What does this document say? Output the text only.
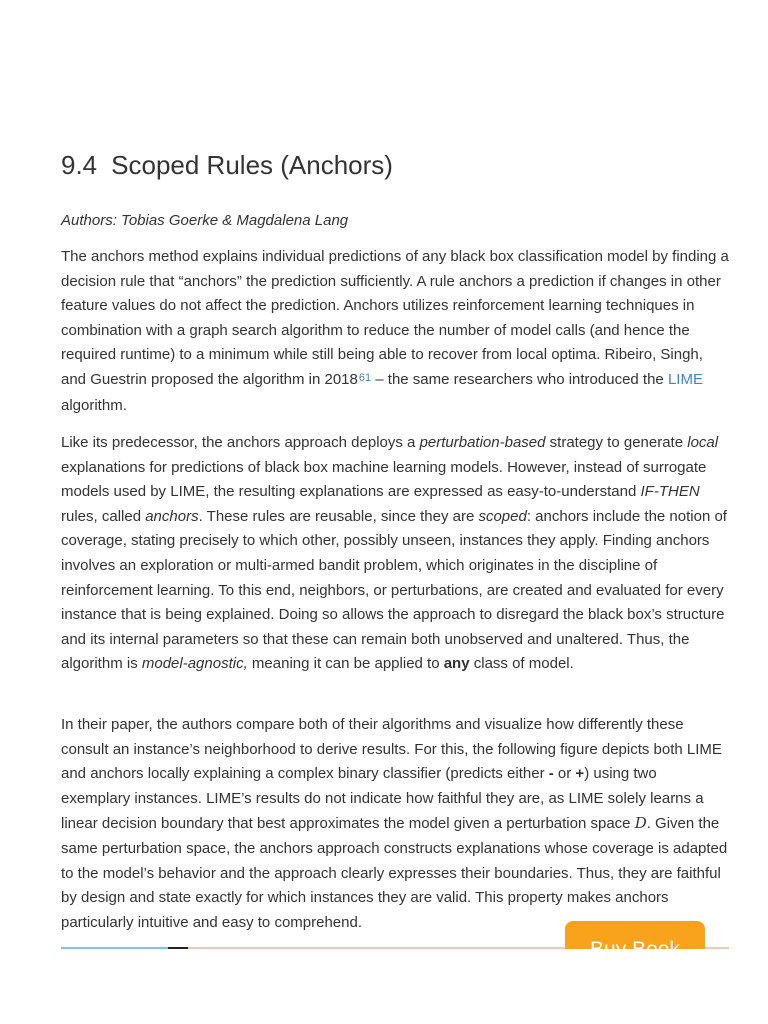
9.4 Scoped Rules (Anchors)

Authors: Tobias Goerke & Magdalena Lang

The anchors method explains individual predictions of any black box classification model by finding a decision rule that “anchors” the prediction sufficiently. A rule anchors a prediction if changes in other feature values do not affect the prediction. Anchors utilizes reinforcement learning techniques in combination with a graph search algorithm to reduce the number of model calls (and hence the required runtime) to a minimum while still being able to recover from local optima. Ribeiro, Singh, and Guestrin proposed the algorithm in 2018$^{61}$ – the same researchers who introduced the LIME algorithm.

Like its predecessor, the anchors approach deploys a perturbation-based strategy to generate local explanations for predictions of black box machine learning models. However, instead of surrogate models used by LIME, the resulting explanations are expressed as easy-to-understand IF-THEN rules, called anchors. These rules are reusable, since they are scoped: anchors include the notion of coverage, stating precisely to which other, possibly unseen, instances they apply. Finding anchors involves an exploration or multi-armed bandit problem, which originates in the discipline of reinforcement learning. To this end, neighbors, or perturbations, are created and evaluated for every instance that is being explained. Doing so allows the approach to disregard the black box’s structure and its internal parameters so that these can remain both unobserved and unaltered. Thus, the algorithm is model-agnostic, meaning it can be applied to any class of model.

In their paper, the authors compare both of their algorithms and visualize how differently these consult an instance’s neighborhood to derive results. For this, the following figure depicts both LIME and anchors locally explaining a complex binary classifier (predicts either - or +) using two exemplary instances. LIME’s results do not indicate how faithful they are, as LIME solely learns a linear decision boundary that best approximates the model given a perturbation space D. Given the same perturbation space, the anchors approach constructs explanations whose coverage is adapted to the model’s behavior and the approach clearly expresses their boundaries. Thus, they are faithful by design and state exactly for which instances they are valid. This property makes anchors particularly intuitive and easy to comprehend.
